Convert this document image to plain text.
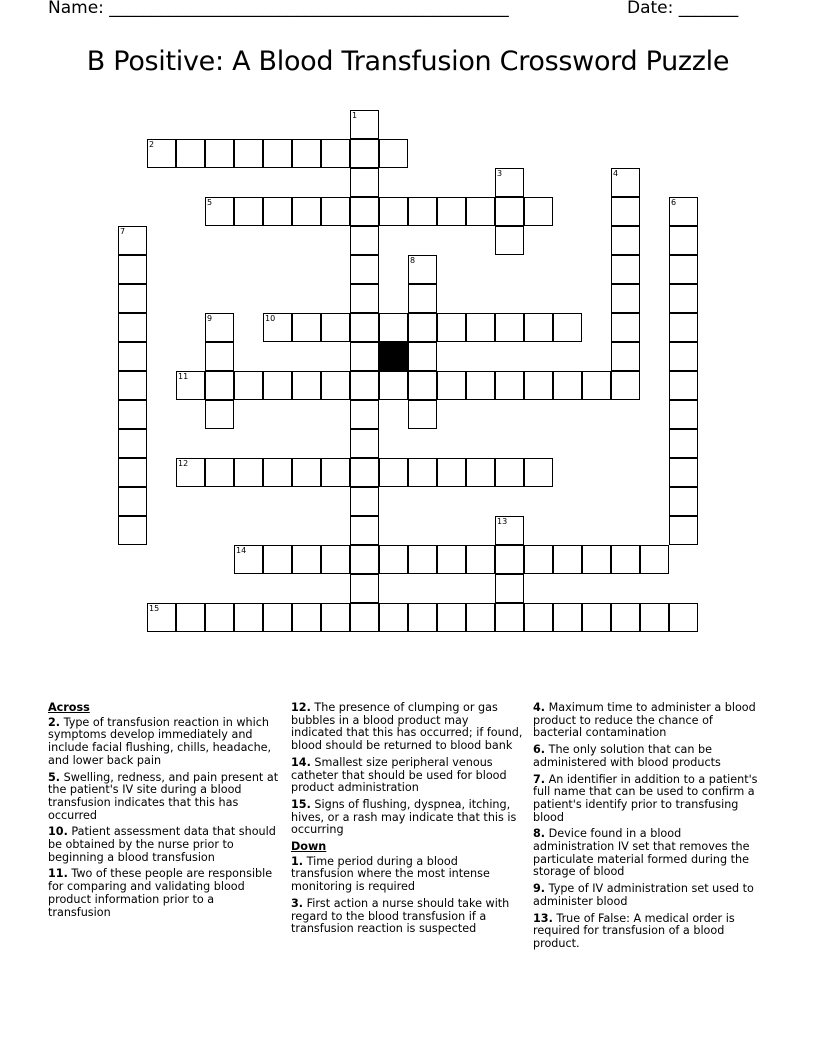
Name: _______________________________________________	Date: _______
B Positive: A Blood Transfusion Crossword Puzzle
1
2
3	4
5	6
7
8
9	10
11
12
13
14
15
Across
2. Type of transfusion reaction in which symptoms develop immediately and include facial flushing, chills, headache, and lower back pain
5. Swelling, redness, and pain present at the patient's IV site during a blood transfusion indicates that this has occurred
10. Patient assessment data that should be obtained by the nurse prior to beginning a blood transfusion
11. Two of these people are responsible for comparing and validating blood product information prior to a transfusion
12. The presence of clumping or gas bubbles in a blood product may indicated that this has occurred; if found, blood should be returned to blood bank
14. Smallest size peripheral venous catheter that should be used for blood product administration
15. Signs of flushing, dyspnea, itching, hives, or a rash may indicate that this is occurring
Down
1. Time period during a blood transfusion where the most intense monitoring is required
3. First action a nurse should take with regard to the blood transfusion if a transfusion reaction is suspected
4. Maximum time to administer a blood product to reduce the chance of bacterial contamination
6. The only solution that can be administered with blood products
7. An identifier in addition to a patient's full name that can be used to confirm a patient's identify prior to transfusing blood
8. Device found in a blood administration IV set that removes the particulate material formed during the storage of blood
9. Type of IV administration set used to administer blood
13. True of False: A medical order is required for transfusion of a blood product.
